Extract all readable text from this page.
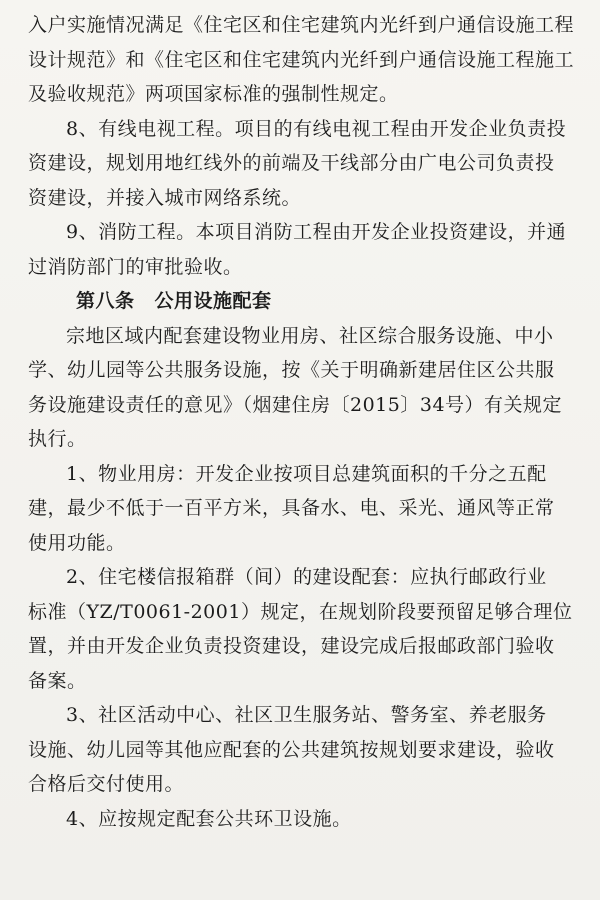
入户实施情况满足《住宅区和住宅建筑内光纤到户通信设施工程
设计规范》和《住宅区和住宅建筑内光纤到户通信设施工程施工
及验收规范》两项国家标准的强制性规定。

8、有线电视工程。项目的有线电视工程由开发企业负责投
资建设，规划用地红线外的前端及干线部分由广电公司负责投
资建设，并接入城市网络系统。

9、消防工程。本项目消防工程由开发企业投资建设，并通
过消防部门的审批验收。

第八条 公用设施配套

宗地区域内配套建设物业用房、社区综合服务设施、中小
学、幼儿园等公共服务设施，按《关于明确新建居住区公共服
务设施建设责任的意见》（烟建住房〔2015〕34号）有关规定
执行。

1、物业用房：开发企业按项目总建筑面积的千分之五配
建，最少不低于一百平方米，具备水、电、采光、通风等正常
使用功能。

2、住宅楼信报箱群（间）的建设配套：应执行邮政行业
标准（YZ/T0061-2001）规定，在规划阶段要预留足够合理位
置，并由开发企业负责投资建设，建设完成后报邮政部门验收
备案。

3、社区活动中心、社区卫生服务站、警务室、养老服务
设施、幼儿园等其他应配套的公共建筑按规划要求建设，验收
合格后交付使用。

4、应按规定配套公共环卫设施。
